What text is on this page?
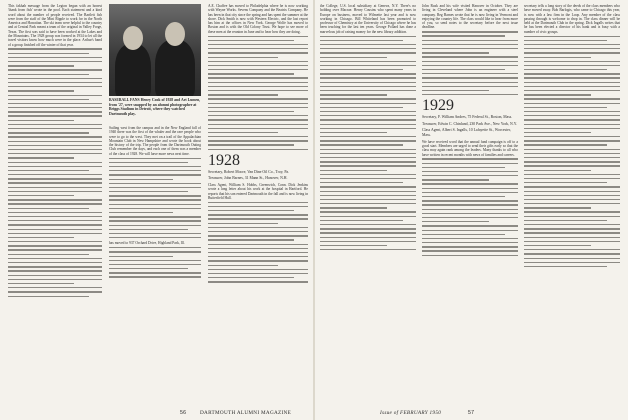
This fakhah message from the Legion began with an honest 'thank from fish' wrote in the pool. Each statement and a kind word about the number of people received. The Bartlett fish were from the staff of the Mini Ripple to work for in the North America and Hawaiian. The ski team were helpful to the country and at Central Park meant a team of the original in Valley Forge, Texas. The first was said to have been worked at the Lakes and the Mountains. The 1928 group was formed in 1934 to let all the travel visitors know how much were in the place. Arthur's band of a group finished off the winter of that year.

BASEBALL FANS Henry Cook of 1928 and Art Lumen, from '27, were snapped by an alumni photographer at Briggs Stadium in Detroit, where they watched Dartmouth play.

Sailing west from the campus and in the New England fall of 1940 there was the first of the whaler and the rare people who were to go to the west. They met on a trail of the Appalachian Mountain Club in New Hampshire and wrote the book about the history of the trip. The people from the Dartmouth Outing Club remember the days, and each one of them was a member of the class of 1928. We will have more news next time.

has moved to 937 Orchard Drive, Highland Park, Ill.

A.E. Chaffee has moved to Philadelphia where he is now working with Wayne Works. Sevens Company and the Beatrix Company. He has been in that city since the spring and has spent the summer at the shore. Dick Smith is now with Western Electric, and the last report has him at the offices in New York. George Wolfe has moved to Boston and is with the Old Colony Trust. We hope to see more of these men at the reunion in June and to hear how they are doing.

1928

Secretary, Robert Moore, Van Dine Oil Co., Troy, Pa.

Treasurer, John Barnes, 31 Mann St., Hanover, N.H.

Class Agent, William S. Hobbs, Greenwich, Conn. Dick Jenkins wrote a long letter about his work at the hospital in Hartford. He reports that his son entered Dartmouth in the fall and is now living in Butterfield Hall.

the College, U.S. local subsidiary at Geneva, N.Y. There's no holding over Macrae. Henry Cousins who spent many years in Europe on business, moved to Wilmette last year and is now working in Chicago. Bill Whiteland has been promoted to professor of Chemistry at the University of Chicago where he has been teaching for the last ten years. George Pollard has done a marvelous job of raising money for the new library addition.

John Rusk and his wife visited Hanover in October. They are living in Cleveland where John is an engineer with a steel company. Reg Barnes wrote that he is now living in Vermont and enjoying the country life. The class would like to hear from more of you, so send notes to the secretary before the next issue deadline.

1929

Secretary, F. William Andres, 75 Federal St., Boston, Mass.

Treasurer, Edwin C. Chinlund, 230 Park Ave., New York, N.Y.

Class Agent, Albert S. Ingalls, 10 Lafayette St., Worcester, Mass.

We have received word that the annual fund campaign is off to a good start. Members are urged to send their gifts early so that the class may again rank among the leaders. Many thanks to all who have written in recent months with news of families and careers.

secretary tells a long story of the deeds of the class members who have moved away. Bob Barlogis, who came to Chicago this year, is now with a law firm in the Loop. Any member of the class passing through is welcome to drop in. The class dinner will be held at the Dartmouth Club in the spring. Dick Ingalls writes that he has been elected a director of his bank and is busy with a number of civic groups.

56	DARTMOUTH ALUMNI MAGAZINE	Issue of FEBRUARY 1950	57
